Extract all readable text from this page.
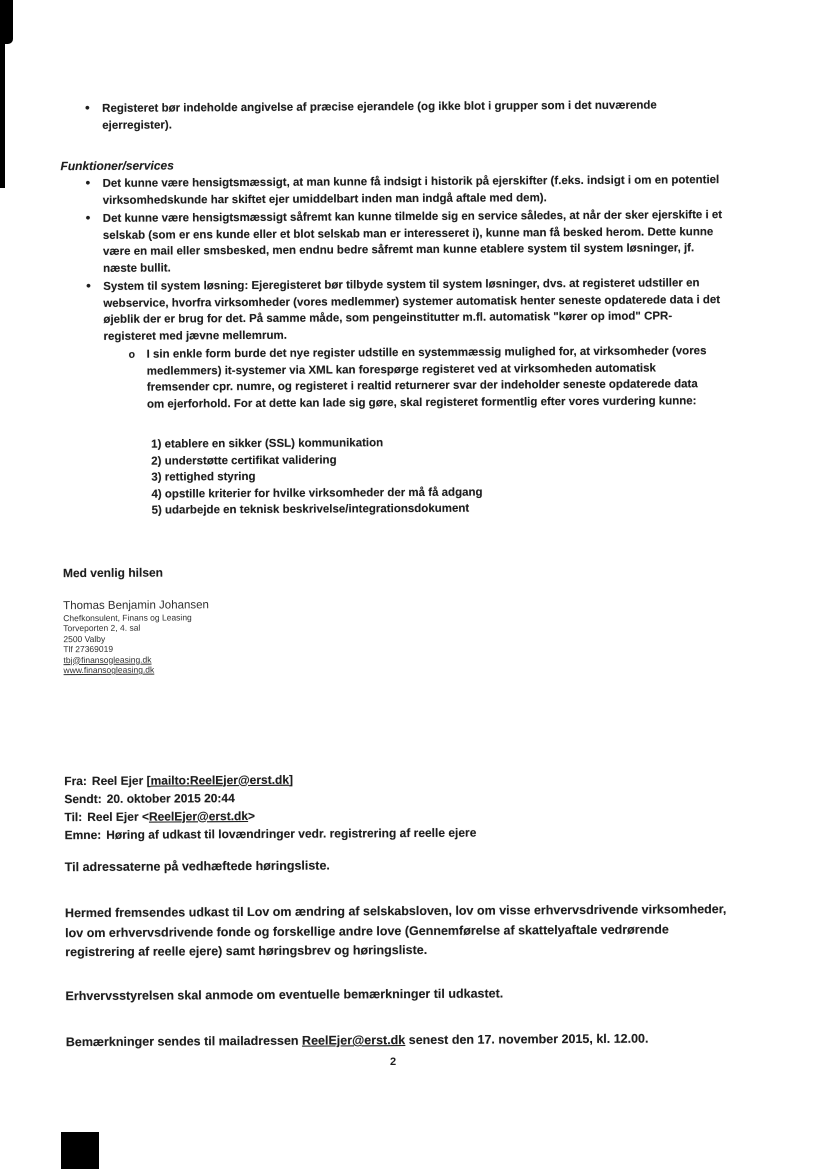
• Registeret bør indeholde angivelse af præcise ejerandele (og ikke blot i grupper som i det nuværende ejerregister).
Funktioner/services
• Det kunne være hensigtsmæssigt, at man kunne få indsigt i historik på ejerskifter (f.eks. indsigt i om en potentiel virksomhedskunde har skiftet ejer umiddelbart inden man indgå aftale med dem).
• Det kunne være hensigtsmæssigt såfremt kan kunne tilmelde sig en service således, at når der sker ejerskifte i et selskab (som er ens kunde eller et blot selskab man er interesseret i), kunne man få besked herom. Dette kunne være en mail eller smsbesked, men endnu bedre såfremt man kunne etablere system til system løsninger, jf. næste bullit.
• System til system løsning: Ejeregisteret bør tilbyde system til system løsninger, dvs. at registeret udstiller en webservice, hvorfra virksomheder (vores medlemmer) systemer automatisk henter seneste opdaterede data i det øjeblik der er brug for det. På samme måde, som pengeinstitutter m.fl. automatisk "kører op imod" CPR-registeret med jævne mellemrum.
o I sin enkle form burde det nye register udstille en systemmæssig mulighed for, at virksomheder (vores medlemmers) it-systemer via XML kan forespørge registeret ved at virksomheden automatisk fremsender cpr. numre, og registeret i realtid returnerer svar der indeholder seneste opdaterede data om ejerforhold. For at dette kan lade sig gøre, skal registeret formentlig efter vores vurdering kunne:
1) etablere en sikker (SSL) kommunikation
2) understøtte certifikat validering
3) rettighed styring
4) opstille kriterier for hvilke virksomheder der må få adgang
5) udarbejde en teknisk beskrivelse/integrationsdokument

Med venlig hilsen

Thomas Benjamin Johansen

Chefkonsulent, Finans og Leasing

Torveporten 2, 4. sal

2500 Valby

Tlf 27369019

tbj@finansogleasing.dk

www.finansogleasing.dk

Fra: Reel Ejer [mailto:ReelEjer@erst.dk]

Sendt: 20. oktober 2015 20:44

Til: Reel Ejer <ReelEjer@erst.dk>

Emne: Høring af udkast til lovændringer vedr. registrering af reelle ejere

Til adressaterne på vedhæftede høringsliste.

Hermed fremsendes udkast til Lov om ændring af selskabsloven, lov om visse erhvervsdrivende virksomheder, lov om erhvervsdrivende fonde og forskellige andre love (Gennemførelse af skattelyaftale vedrørende registrering af reelle ejere) samt høringsbrev og høringsliste.

Erhvervsstyrelsen skal anmode om eventuelle bemærkninger til udkastet.

Bemærkninger sendes til mailadressen ReelEjer@erst.dk senest den 17. november 2015, kl. 12.00.

2
